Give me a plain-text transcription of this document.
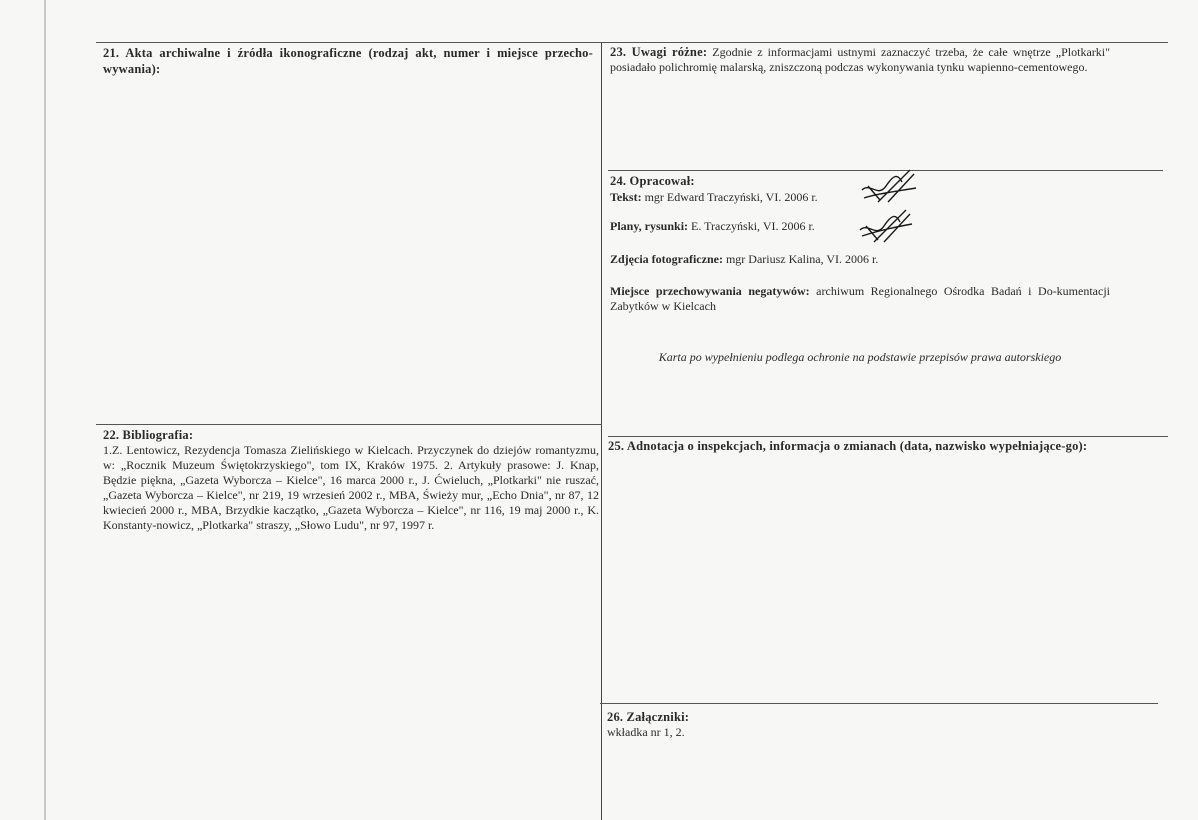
21. Akta archiwalne i źródła ikonograficzne (rodzaj akt, numer i miejsce przecho-wywania):
22. Bibliografia:
1.Z. Lentowicz, Rezydencja Tomasza Zielińskiego w Kielcach. Przyczynek do dziejów romantyzmu, w: „Rocznik Muzeum Świętokrzyskiego", tom IX, Kraków 1975. 2. Artykuły prasowe: J. Knap, Będzie piękna, „Gazeta Wyborcza – Kielce", 16 marca 2000 r., J. Ćwieluch, „Plotkarki" nie ruszać, „Gazeta Wyborcza – Kielce", nr 219, 19 wrzesień 2002 r., MBA, Świeży mur, „Echo Dnia", nr 87, 12 kwiecień 2000 r., MBA, Brzydkie kaczątko, „Gazeta Wyborcza – Kielce", nr 116, 19 maj 2000 r., K. Konstanty-nowicz, „Plotkarka" straszy, „Słowo Ludu", nr 97, 1997 r.
23. Uwagi różne: Zgodnie z informacjami ustnymi zaznaczyć trzeba, że całe wnętrze „Plotkarki" posiadało polichromię malarską, zniszczoną podczas wykonywania tynku wapienno-cementowego.
24. Opracował:
Tekst: mgr Edward Traczyński, VI. 2006 r.
Plany, rysunki: E. Traczyński, VI. 2006 r.
Zdjęcia fotograficzne: mgr Dariusz Kalina, VI. 2006 r.
Miejsce przechowywania negatywów: archiwum Regionalnego Ośrodka Badań i Do-kumentacji Zabytków w Kielcach
Karta po wypełnieniu podlega ochronie na podstawie przepisów prawa autorskiego
25. Adnotacja o inspekcjach, informacja o zmianach (data, nazwisko wypełniające-go):
26. Załączniki:
wkładka nr 1, 2.
